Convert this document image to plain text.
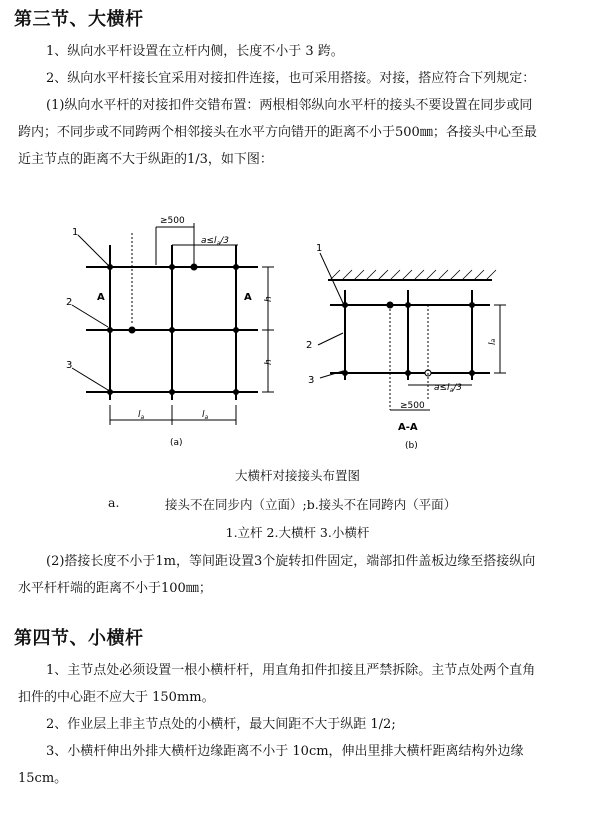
第三节、大横杆
1、纵向水平杆设置在立杆内侧，长度不小于 3 跨。
2、纵向水平杆接长宜采用对接扣件连接，也可采用搭接。对接，搭应符合下列规定：
(1)纵向水平杆的对接扣件交错布置：两根相邻纵向水平杆的接头不要设置在同步或同
跨内；不同步或不同跨两个相邻接头在水平方向错开的距离不小于500㎜；各接头中心至最
近主节点的距离不大于纵距的1/3，如下图：
1
2
3
A	A
≥500
$a\le l_a/3$
h
h
$l_a$	$l_a$
(a)
1
2
3
la
$a\le l_a/3$
≥500
A-A
(b)
大横杆对接接头布置图
a.	接头不在同步内（立面）;b.接头不在同跨内（平面）
1.立杆 2.大横杆 3.小横杆
(2)搭接长度不小于1m，等间距设置3个旋转扣件固定，端部扣件盖板边缘至搭接纵向
水平杆杆端的距离不小于100㎜；
第四节、小横杆
1、主节点处必须设置一根小横杆杆，用直角扣件扣接且严禁拆除。主节点处两个直角
扣件的中心距不应大于 150mm。
2、作业层上非主节点处的小横杆，最大间距不大于纵距 1/2;
3、小横杆伸出外排大横杆边缘距离不小于 10cm，伸出里排大横杆距离结构外边缘
15cm。
